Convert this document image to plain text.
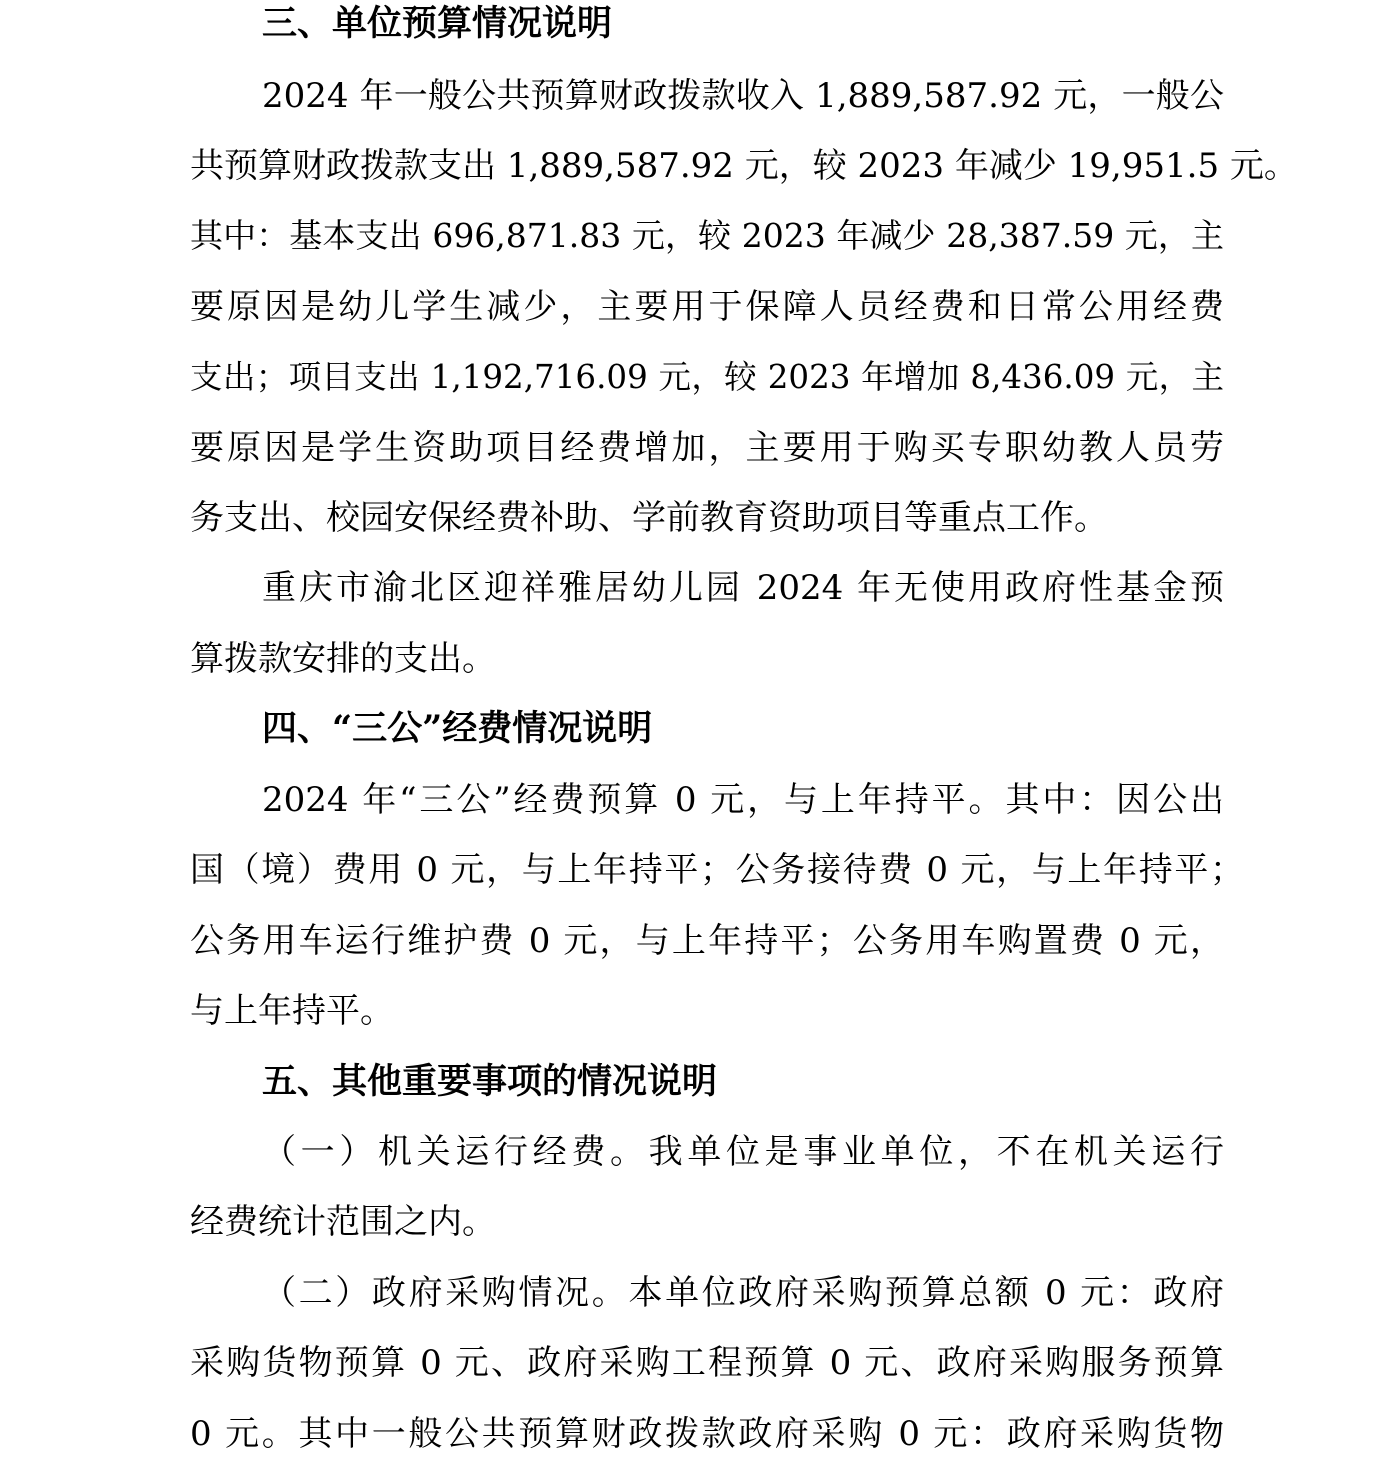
三、单位预算情况说明
2024 年一般公共预算财政拨款收入 1,889,587.92 元，一般公
共预算财政拨款支出 1,889,587.92 元，较 2023 年减少 19,951.5 元。
其中：基本支出 696,871.83 元，较 2023 年减少 28,387.59 元，主
要原因是幼儿学生减少，主要用于保障人员经费和日常公用经费
支出；项目支出 1,192,716.09 元，较 2023 年增加 8,436.09 元，主
要原因是学生资助项目经费增加，主要用于购买专职幼教人员劳
务支出、校园安保经费补助、学前教育资助项目等重点工作。
重庆市渝北区迎祥雅居幼儿园 2024 年无使用政府性基金预
算拨款安排的支出。
四、“三公”经费情况说明
2024 年“三公”经费预算 0 元，与上年持平。其中：因公出
国（境）费用 0 元，与上年持平；公务接待费 0 元，与上年持平；
公务用车运行维护费 0 元，与上年持平；公务用车购置费 0 元，
与上年持平。
五、其他重要事项的情况说明
（一）机关运行经费。我单位是事业单位，不在机关运行
经费统计范围之内。
（二）政府采购情况。本单位政府采购预算总额 0 元：政府
采购货物预算 0 元、政府采购工程预算 0 元、政府采购服务预算
0 元。其中一般公共预算财政拨款政府采购 0 元：政府采购货物
